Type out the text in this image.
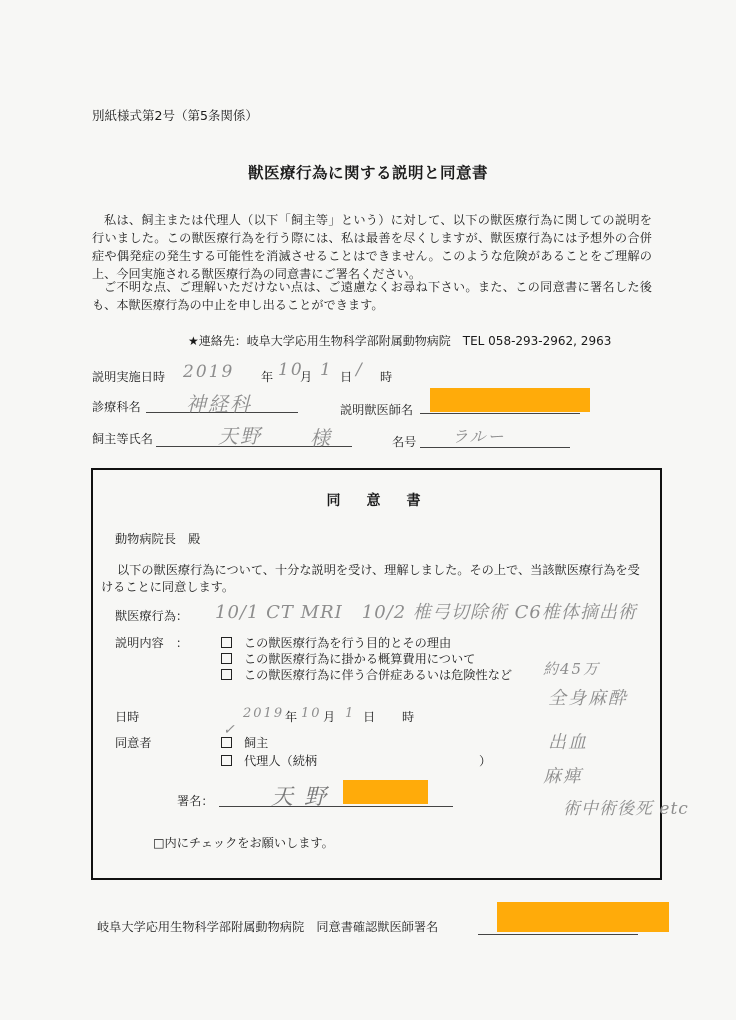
別紙様式第2号（第5条関係）
獣医療行為に関する説明と同意書
私は、飼主または代理人（以下「飼主等」という）に対して、以下の獣医療行為に関しての説明を行いました。この獣医療行為を行う際には、私は最善を尽くしますが、獣医療行為には予想外の合併症や偶発症の発生する可能性を消滅させることはできません。このような危険があることをご理解の上、今回実施される獣医療行為の同意書にご署名ください。
ご不明な点、ご理解いただけない点は、ご遠慮なくお尋ね下さい。また、この同意書に署名した後も、本獣医療行為の中止を申し出ることができます。
★連絡先：岐阜大学応用生物科学部附属動物病院　TEL 058-293-2962, 2963
説明実施日時 2019 年 10
月 1 日 / 時
診療科名 神経科	説明獣医師名
飼主等氏名	天野 様	名号 ラルー
同　意　書
動物病院長　殿
以下の獣医療行為について、十分な説明を受け、理解しました。その上で、当該獣医療行為を受けることに同意します。
獣医療行為： 10/1 CT MRI　10/2 椎弓切除術 C6椎体摘出術
説明内容　：	この獣医療行為を行う目的とその理由
この獣医療行為に掛かる概算費用について
この獣医療行為に伴う合併症あるいは危険性など 約45万
全身麻酔
出血
麻痺
術中術後死 etc
日時	2019 年 10 月 1 日 時
同意者	飼主
✓
代理人（続柄	）
署名：	天 野
□内にチェックをお願いします。
岐阜大学応用生物科学部附属動物病院　同意書確認獣医師署名
